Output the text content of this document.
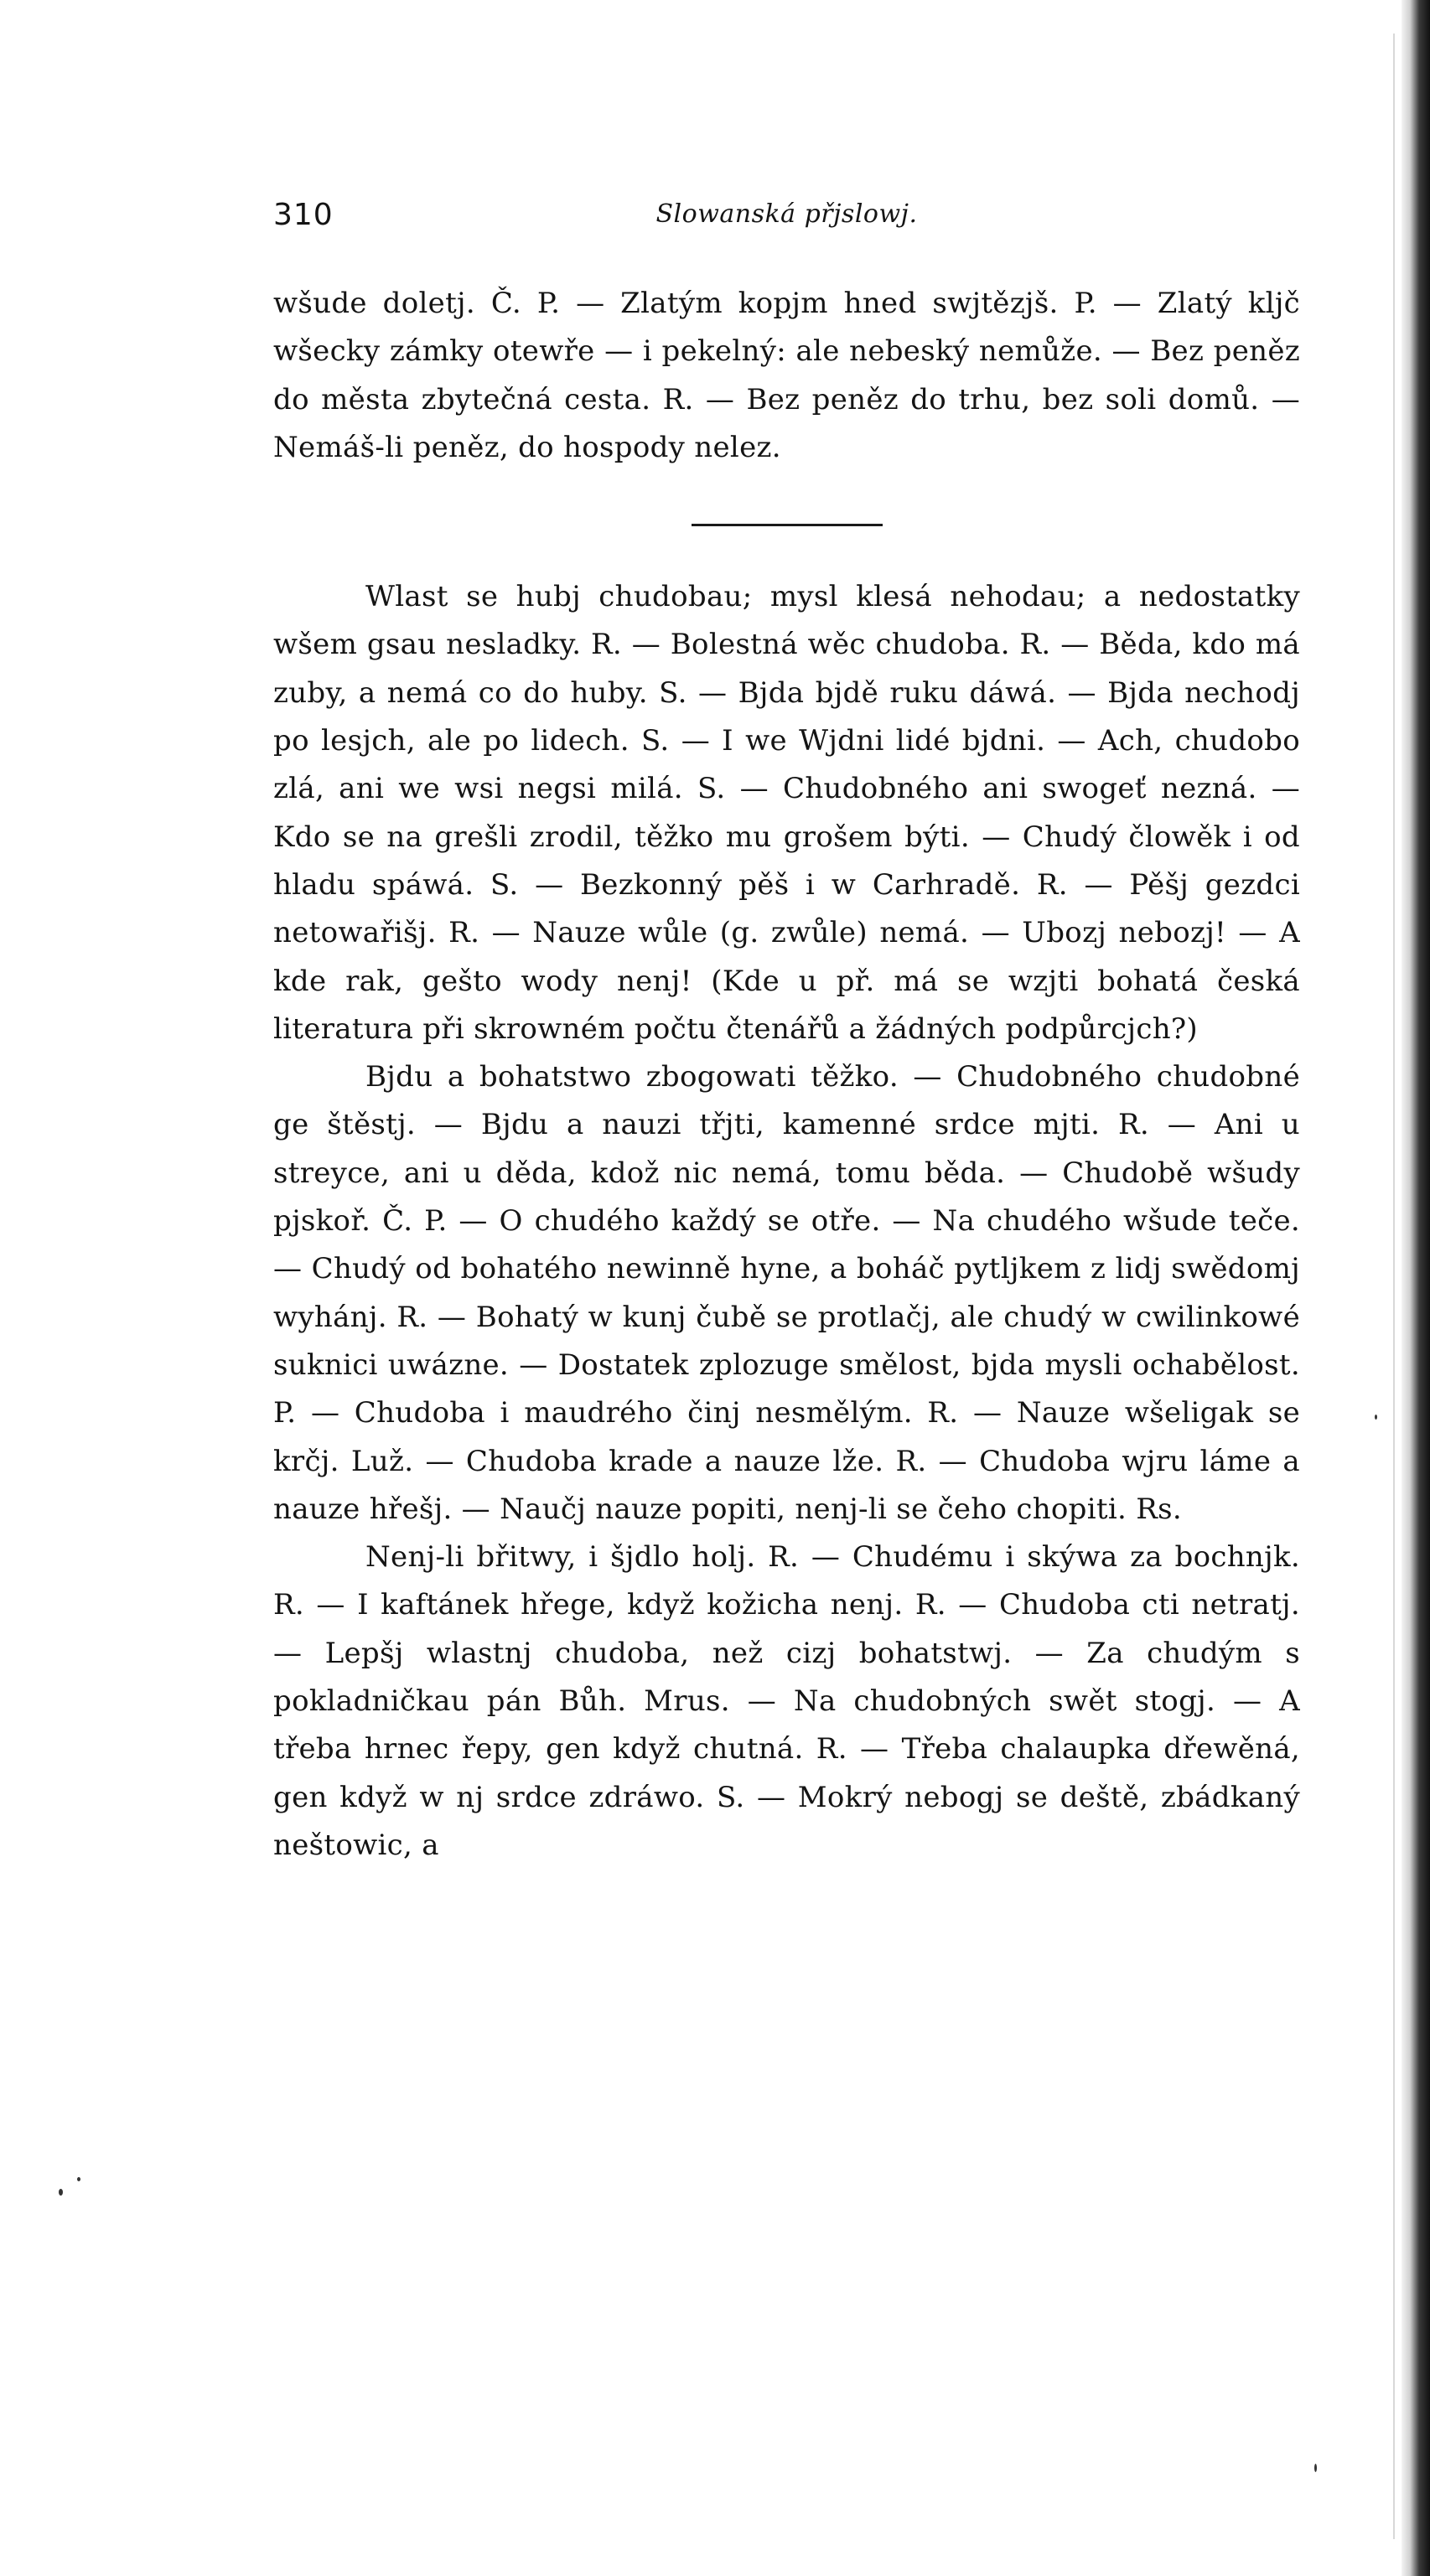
310	Slowanská přjslowj.

wšude doletj. Č. P. — Zlatým kopjm hned swjtězjš. P. — Zlatý kljč wšecky zámky otewře — i pekelný: ale nebeský nemůže. — Bez peněz do města zbytečná cesta. R. — Bez peněz do trhu, bez soli domů. — Nemáš-li peněz, do hospody nelez.

Wlast se hubj chudobau; mysl klesá nehodau; a nedostatky wšem gsau nesladky. R. — Bolestná wěc chudoba. R. — Běda, kdo má zuby, a nemá co do huby. S. — Bjda bjdě ruku dáwá. — Bjda nechodj po lesjch, ale po lidech. S. — I we Wjdni lidé bjdni. — Ach, chudobo zlá, ani we wsi negsi milá. S. — Chudobného ani swogeť nezná. — Kdo se na grešli zrodil, těžko mu grošem býti. — Chudý člowěk i od hladu spáwá. S. — Bezkonný pěš i w Carhradě. R. — Pěšj gezdci netowařišj. R. — Nauze wůle (g. zwůle) nemá. — Ubozj nebozj! — A kde rak, gešto wody nenj! (Kde u př. má se wzjti bohatá česká literatura při skrowném počtu čtenářů a žádných podpůrcjch?)

Bjdu a bohatstwo zbogowati těžko. — Chudobného chudobné ge štěstj. — Bjdu a nauzi třjti, kamenné srdce mjti. R. — Ani u streyce, ani u děda, kdož nic nemá, tomu běda. — Chudobě wšudy pjskoř. Č. P. — O chudého každý se otře. — Na chudého wšude teče. — Chudý od bohatého newinně hyne, a boháč pytljkem z lidj swědomj wyhánj. R. — Bohatý w kunj čubě se protlačj, ale chudý w cwilinkowé suknici uwázne. — Dostatek zplozuge smělost, bjda mysli ochabělost. P. — Chudoba i maudrého činj nesmělým. R. — Nauze wšeligak se krčj. Luž. — Chudoba krade a nauze lže. R. — Chudoba wjru láme a nauze hřešj. — Naučj nauze popiti, nenj-li se čeho chopiti. Rs.

Nenj-li břitwy, i šjdlo holj. R. — Chudému i skýwa za bochnjk. R. — I kaftánek hřege, když kožicha nenj. R. — Chudoba cti netratj. — Lepšj wlastnj chudoba, než cizj bohatstwj. — Za chudým s pokladničkau pán Bůh. Mrus. — Na chudobných swět stogj. — A třeba hrnec řepy, gen když chutná. R. — Třeba chalaupka dřewěná, gen když w nj srdce zdráwo. S. — Mokrý nebogj se deště, zbádkaný neštowic, a
